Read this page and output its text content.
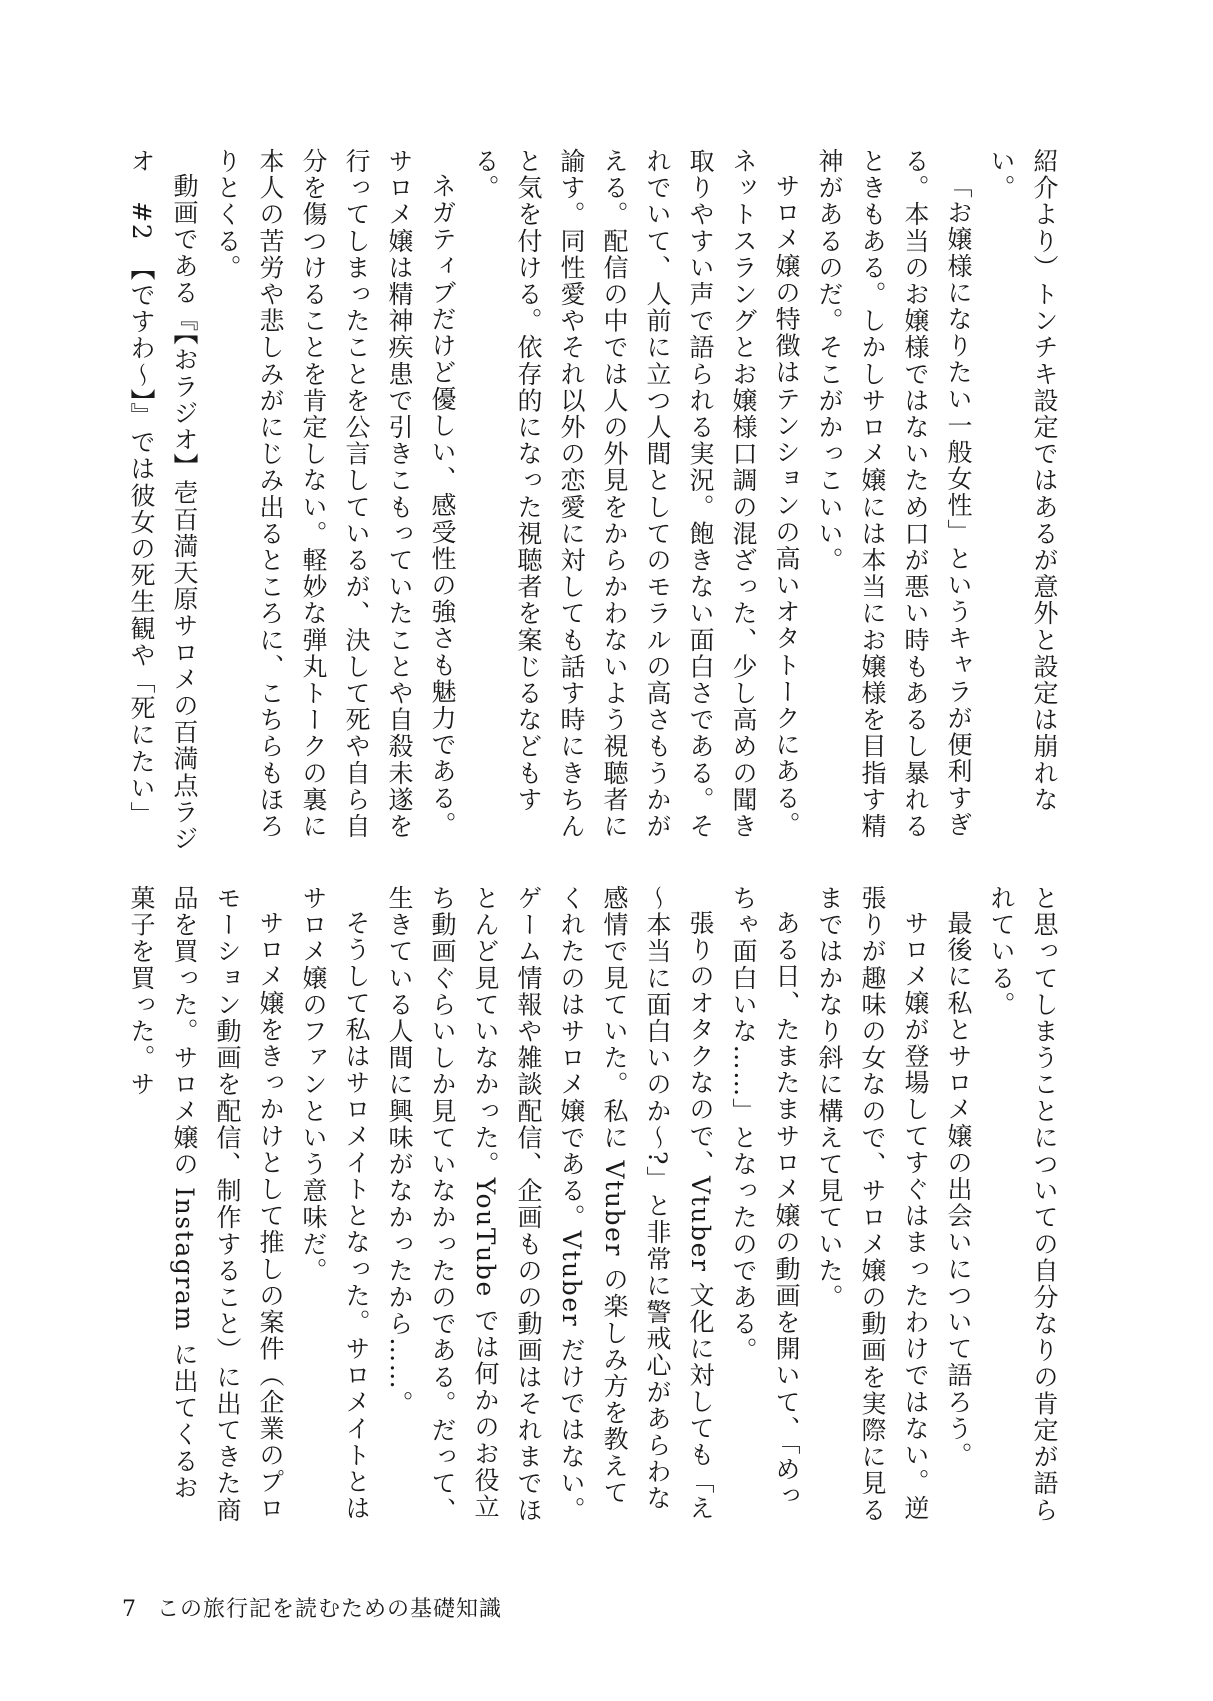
紹介より）トンチキ設定ではあるが意外と設定は崩れない。

「お嬢様になりたい一般女性」というキャラが便利すぎる。本当のお嬢様ではないため口が悪い時もあるし暴れるときもある。しかしサロメ嬢には本当にお嬢様を目指す精神があるのだ。そこがかっこいい。

サロメ嬢の特徴はテンションの高いオタトークにある。ネットスラングとお嬢様口調の混ざった、少し高めの聞き取りやすい声で語られる実況。飽きない面白さである。それでいて、人前に立つ人間としてのモラルの高さもうかがえる。配信の中では人の外見をからかわないよう視聴者に諭す。同性愛やそれ以外の恋愛に対しても話す時にきちんと気を付ける。依存的になった視聴者を案じるなどもする。

ネガティブだけど優しい、感受性の強さも魅力である。サロメ嬢は精神疾患で引きこもっていたことや自殺未遂を行ってしまったことを公言しているが、決して死や自ら自分を傷つけることを肯定しない。軽妙な弾丸トークの裏に本人の苦労や悲しみがにじみ出るところに、こちらもほろりとくる。

動画である『【おラジオ】壱百満天原サロメの百満点ラジオ　#2　【ですわ～】』では彼女の死生観や「死にたい」

と思ってしまうことについての自分なりの肯定が語られている。

最後に私とサロメ嬢の出会いについて語ろう。

サロメ嬢が登場してすぐはまったわけではない。逆張りが趣味の女なので、サロメ嬢の動画を実際に見るまではかなり斜に構えて見ていた。

ある日、たまたまサロメ嬢の動画を開いて、「めっちゃ面白いな……」となったのである。

張りのオタクなので、Vtuber 文化に対しても「え～本当に面白いのか～?」と非常に警戒心があらわな感情で見ていた。私に Vtuber の楽しみ方を教えてくれたのはサロメ嬢である。Vtuber だけではない。ゲーム情報や雑談配信、企画ものの動画はそれまでほとんど見ていなかった。YouTube では何かのお役立ち動画ぐらいしか見ていなかったのである。だって、生きている人間に興味がなかったから……。

そうして私はサロメイトとなった。サロメイトとはサロメ嬢のファンという意味だ。

サロメ嬢をきっかけとして推しの案件（企業のプロモーション動画を配信、制作すること）に出てきた商品を買った。サロメ嬢の Instagram に出てくるお菓子を買った。サ

7 この旅行記を読むための基礎知識
